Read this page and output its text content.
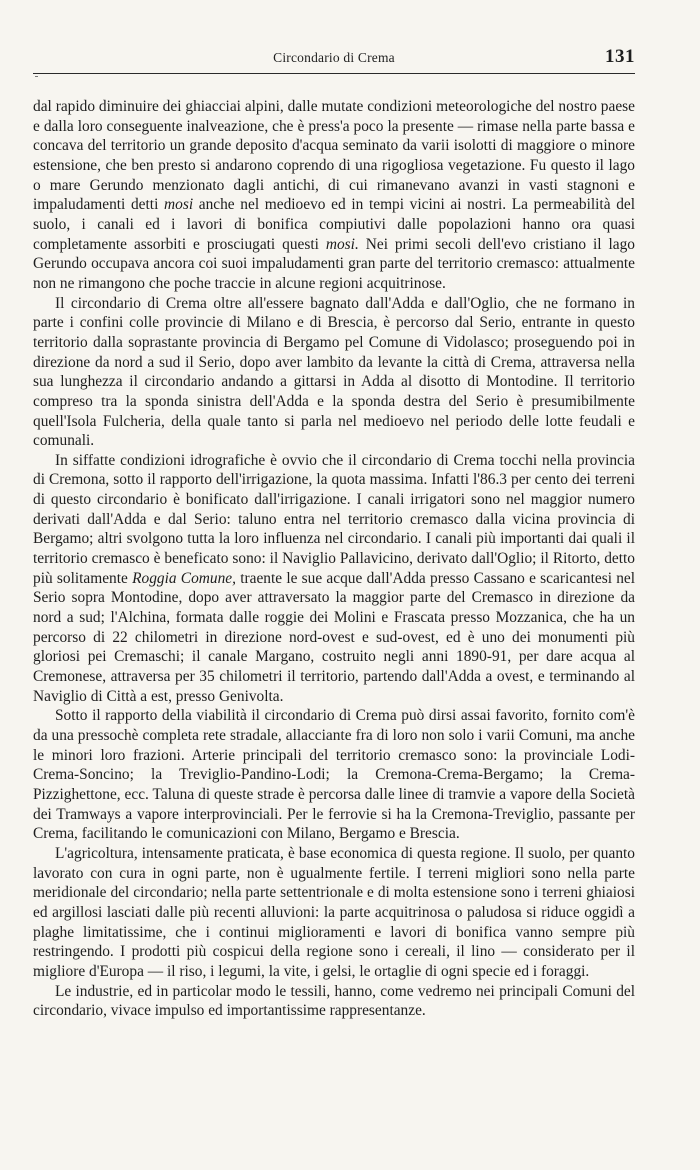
Circondario di Crema	131

dal rapido diminuire dei ghiacciai alpini, dalle mutate condizioni meteorologiche del nostro paese e dalla loro conseguente inalveazione, che è press'a poco la presente — rimase nella parte bassa e concava del territorio un grande deposito d'acqua seminato da varii isolotti di maggiore o minore estensione, che ben presto si andarono coprendo di una rigogliosa vegetazione. Fu questo il lago o mare Gerundo menzionato dagli antichi, di cui rimanevano avanzi in vasti stagnoni e impaludamenti detti mosi anche nel medioevo ed in tempi vicini ai nostri. La permeabilità del suolo, i canali ed i lavori di bonifica compiutivi dalle popolazioni hanno ora quasi completamente assorbiti e prosciugati questi mosi. Nei primi secoli dell'evo cristiano il lago Gerundo occupava ancora coi suoi impaludamenti gran parte del territorio cremasco: attualmente non ne rimangono che poche traccie in alcune regioni acquitrinose.

Il circondario di Crema oltre all'essere bagnato dall'Adda e dall'Oglio, che ne formano in parte i confini colle provincie di Milano e di Brescia, è percorso dal Serio, entrante in questo territorio dalla soprastante provincia di Bergamo pel Comune di Vidolasco; proseguendo poi in direzione da nord a sud il Serio, dopo aver lambito da levante la città di Crema, attraversa nella sua lunghezza il circondario andando a gittarsi in Adda al disotto di Montodine. Il territorio compreso tra la sponda sinistra dell'Adda e la sponda destra del Serio è presumibilmente quell'Isola Fulcheria, della quale tanto si parla nel medioevo nel periodo delle lotte feudali e comunali.

In siffatte condizioni idrografiche è ovvio che il circondario di Crema tocchi nella provincia di Cremona, sotto il rapporto dell'irrigazione, la quota massima. Infatti l'86.3 per cento dei terreni di questo circondario è bonificato dall'irrigazione. I canali irrigatori sono nel maggior numero derivati dall'Adda e dal Serio: taluno entra nel territorio cremasco dalla vicina provincia di Bergamo; altri svolgono tutta la loro influenza nel circondario. I canali più importanti dai quali il territorio cremasco è beneficato sono: il Naviglio Pallavicino, derivato dall'Oglio; il Ritorto, detto più solitamente Roggia Comune, traente le sue acque dall'Adda presso Cassano e scaricantesi nel Serio sopra Montodine, dopo aver attraversato la maggior parte del Cremasco in direzione da nord a sud; l'Alchina, formata dalle roggie dei Molini e Frascata presso Mozzanica, che ha un percorso di 22 chilometri in direzione nord-ovest e sud-ovest, ed è uno dei monumenti più gloriosi pei Cremaschi; il canale Margano, costruito negli anni 1890-91, per dare acqua al Cremonese, attraversa per 35 chilometri il territorio, partendo dall'Adda a ovest, e terminando al Naviglio di Città a est, presso Genivolta.

Sotto il rapporto della viabilità il circondario di Crema può dirsi assai favorito, fornito com'è da una pressochè completa rete stradale, allacciante fra di loro non solo i varii Comuni, ma anche le minori loro frazioni. Arterie principali del territorio cremasco sono: la provinciale Lodi-Crema-Soncino; la Treviglio-Pandino-Lodi; la Cremona-Crema-Bergamo; la Crema-Pizzighettone, ecc. Taluna di queste strade è percorsa dalle linee di tramvie a vapore della Società dei Tramways a vapore interprovinciali. Per le ferrovie si ha la Cremona-Treviglio, passante per Crema, facilitando le comunicazioni con Milano, Bergamo e Brescia.

L'agricoltura, intensamente praticata, è base economica di questa regione. Il suolo, per quanto lavorato con cura in ogni parte, non è ugualmente fertile. I terreni migliori sono nella parte meridionale del circondario; nella parte settentrionale e di molta estensione sono i terreni ghiaiosi ed argillosi lasciati dalle più recenti alluvioni: la parte acquitrinosa o paludosa si riduce oggidì a plaghe limitatissime, che i continui miglioramenti e lavori di bonifica vanno sempre più restringendo. I prodotti più cospicui della regione sono i cereali, il lino — considerato per il migliore d'Europa — il riso, i legumi, la vite, i gelsi, le ortaglie di ogni specie ed i foraggi.

Le industrie, ed in particolar modo le tessili, hanno, come vedremo nei principali Comuni del circondario, vivace impulso ed importantissime rappresentanze.
